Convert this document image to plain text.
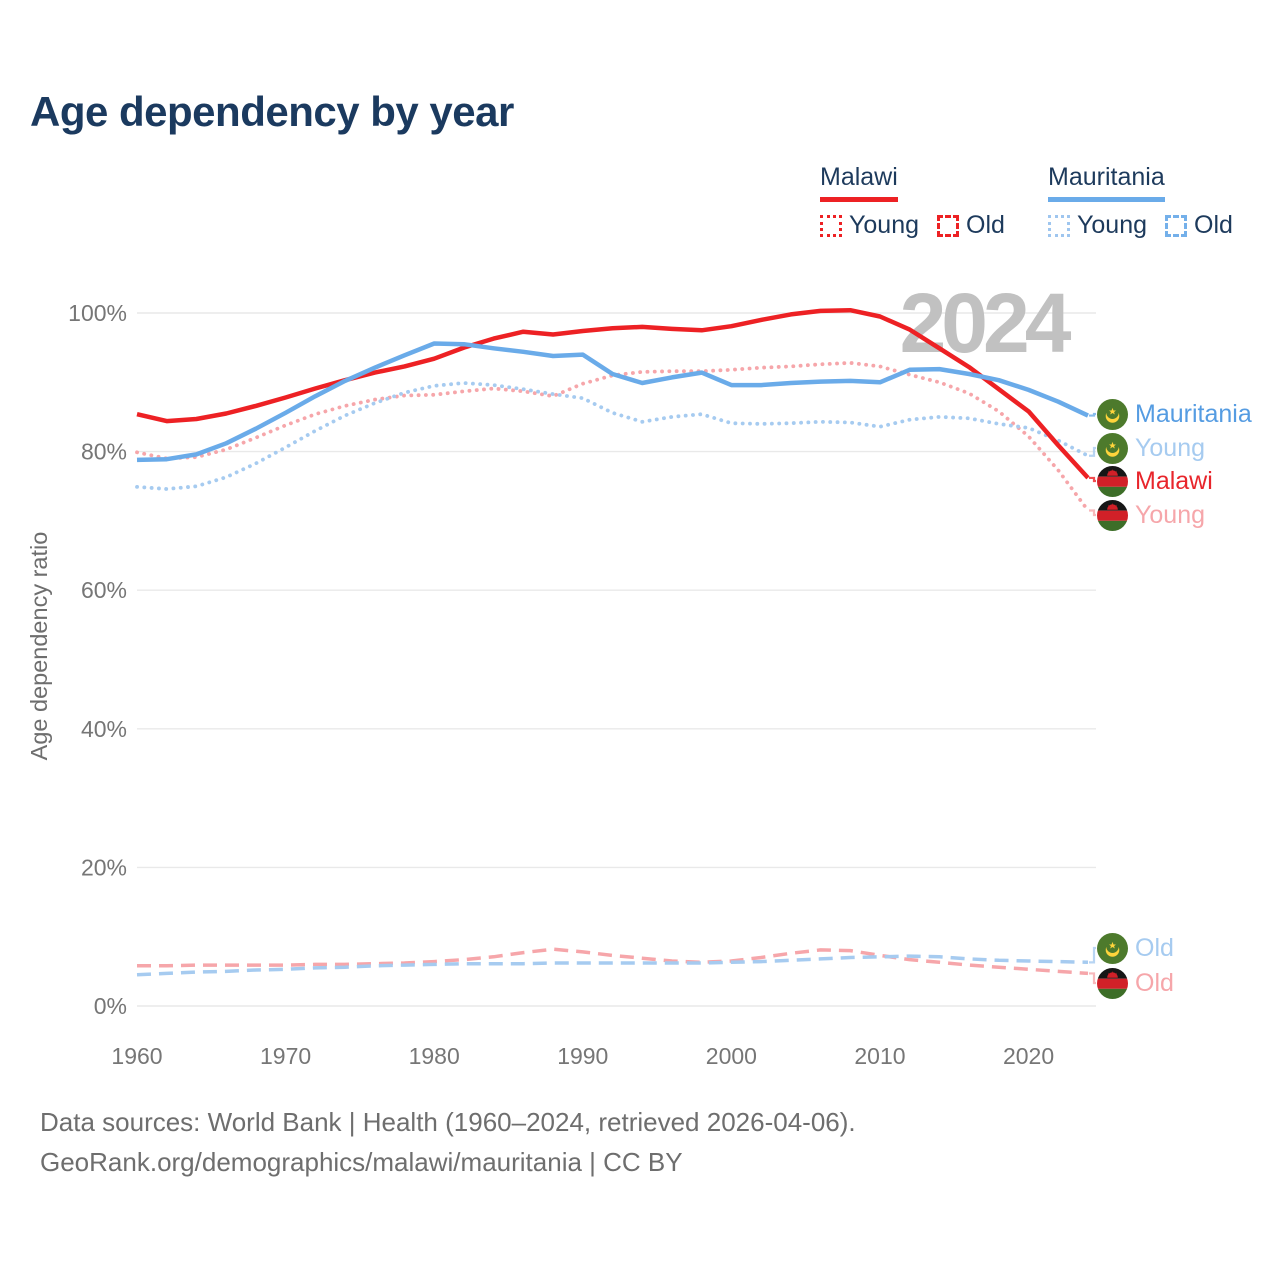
0%
20%
40%
60%
80%
100%
1960	1970	1980	1990	2000	2010	2020
Age dependency ratio
2024
Age dependency by year
Malawi
Young Old
Mauritania
Young Old
Mauritania
Young
Malawi
Young
Old
Old
Data sources: World Bank | Health (1960–2024, retrieved 2026-04-06).
GeoRank.org/demographics/malawi/mauritania | CC BY
